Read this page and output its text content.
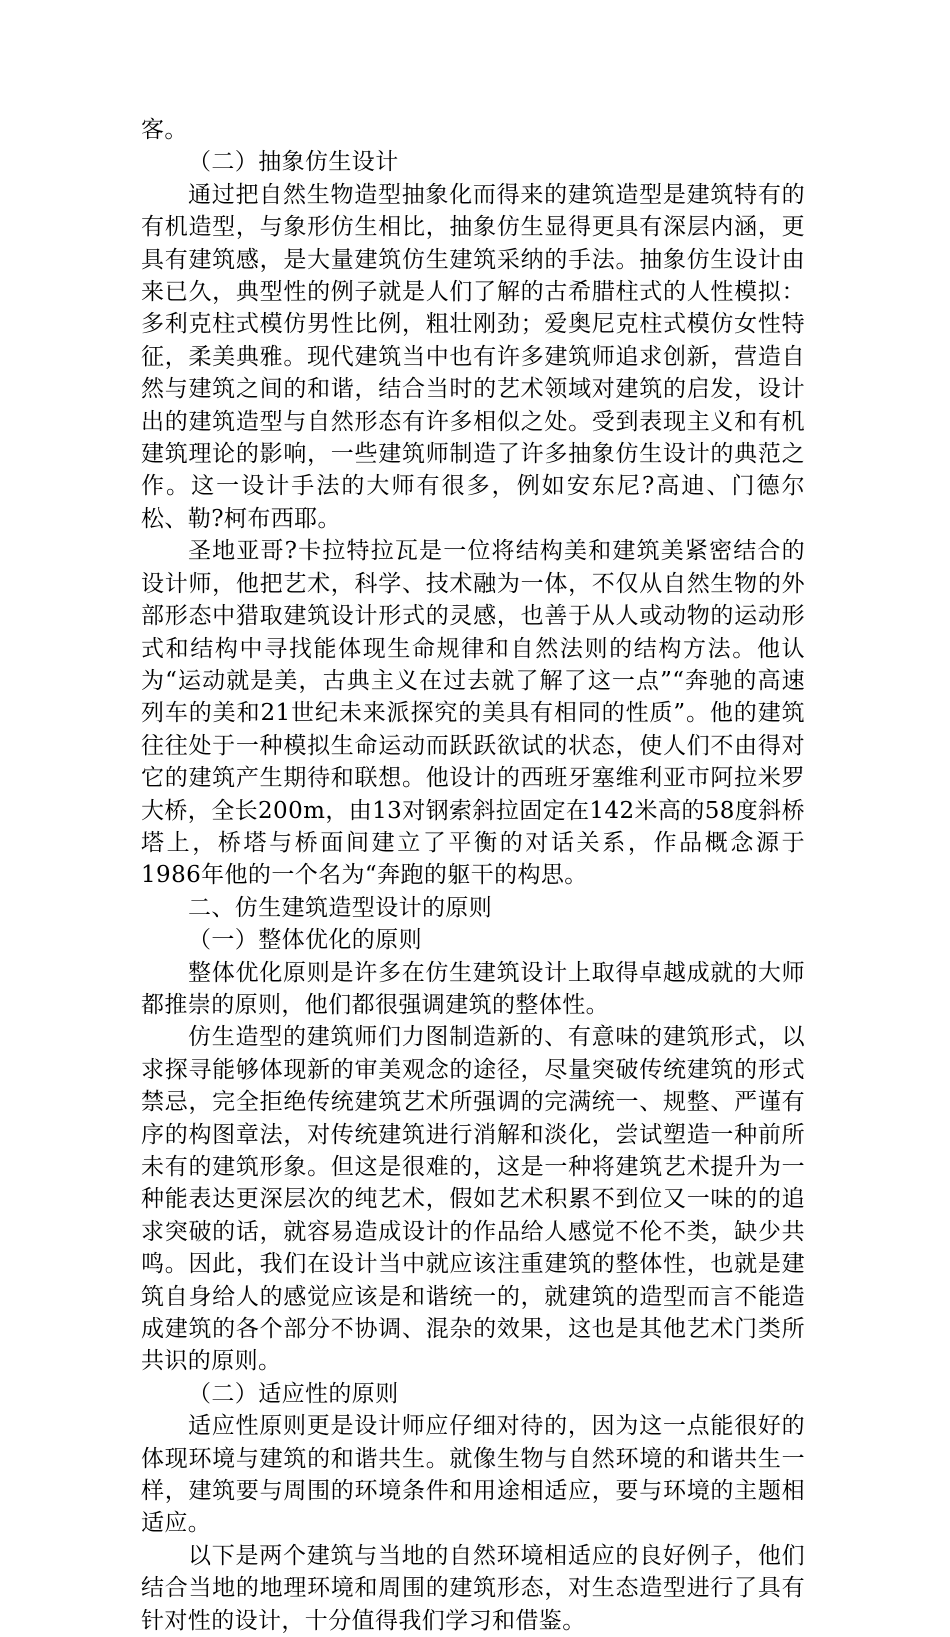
客。

（二）抽象仿生设计

通过把自然生物造型抽象化而得来的建筑造型是建筑特有的有机造型，与象形仿生相比，抽象仿生显得更具有深层内涵，更具有建筑感，是大量建筑仿生建筑采纳的手法。抽象仿生设计由来已久，典型性的例子就是人们了解的古希腊柱式的人性模拟：多利克柱式模仿男性比例，粗壮刚劲；爱奥尼克柱式模仿女性特征，柔美典雅。现代建筑当中也有许多建筑师追求创新，营造自然与建筑之间的和谐，结合当时的艺术领域对建筑的启发，设计出的建筑造型与自然形态有许多相似之处。受到表现主义和有机建筑理论的影响，一些建筑师制造了许多抽象仿生设计的典范之作。这一设计手法的大师有很多，例如安东尼?高迪、门德尔松、勒?柯布西耶。

圣地亚哥?卡拉特拉瓦是一位将结构美和建筑美紧密结合的设计师，他把艺术，科学、技术融为一体，不仅从自然生物的外部形态中猎取建筑设计形式的灵感，也善于从人或动物的运动形式和结构中寻找能体现生命规律和自然法则的结构方法。他认为“运动就是美，古典主义在过去就了解了这一点”“奔驰的高速列车的美和21世纪未来派探究的美具有相同的性质”。他的建筑往往处于一种模拟生命运动而跃跃欲试的状态，使人们不由得对它的建筑产生期待和联想。他设计的西班牙塞维利亚市阿拉米罗大桥，全长200m，由13对钢索斜拉固定在142米高的58度斜桥塔上，桥塔与桥面间建立了平衡的对话关系，作品概念源于1986年他的一个名为“奔跑的躯干的构思。

二、仿生建筑造型设计的原则

（一）整体优化的原则

整体优化原则是许多在仿生建筑设计上取得卓越成就的大师都推崇的原则，他们都很强调建筑的整体性。

仿生造型的建筑师们力图制造新的、有意味的建筑形式，以求探寻能够体现新的审美观念的途径，尽量突破传统建筑的形式禁忌，完全拒绝传统建筑艺术所强调的完满统一、规整、严谨有序的构图章法，对传统建筑进行消解和淡化，尝试塑造一种前所未有的建筑形象。但这是很难的，这是一种将建筑艺术提升为一种能表达更深层次的纯艺术，假如艺术积累不到位又一味的的追求突破的话，就容易造成设计的作品给人感觉不伦不类，缺少共鸣。因此，我们在设计当中就应该注重建筑的整体性，也就是建筑自身给人的感觉应该是和谐统一的，就建筑的造型而言不能造成建筑的各个部分不协调、混杂的效果，这也是其他艺术门类所共识的原则。

（二）适应性的原则

适应性原则更是设计师应仔细对待的，因为这一点能很好的体现环境与建筑的和谐共生。就像生物与自然环境的和谐共生一样，建筑要与周围的环境条件和用途相适应，要与环境的主题相适应。

以下是两个建筑与当地的自然环境相适应的良好例子，他们结合当地的地理环境和周围的建筑形态，对生态造型进行了具有针对性的设计，十分值得我们学习和借鉴。
